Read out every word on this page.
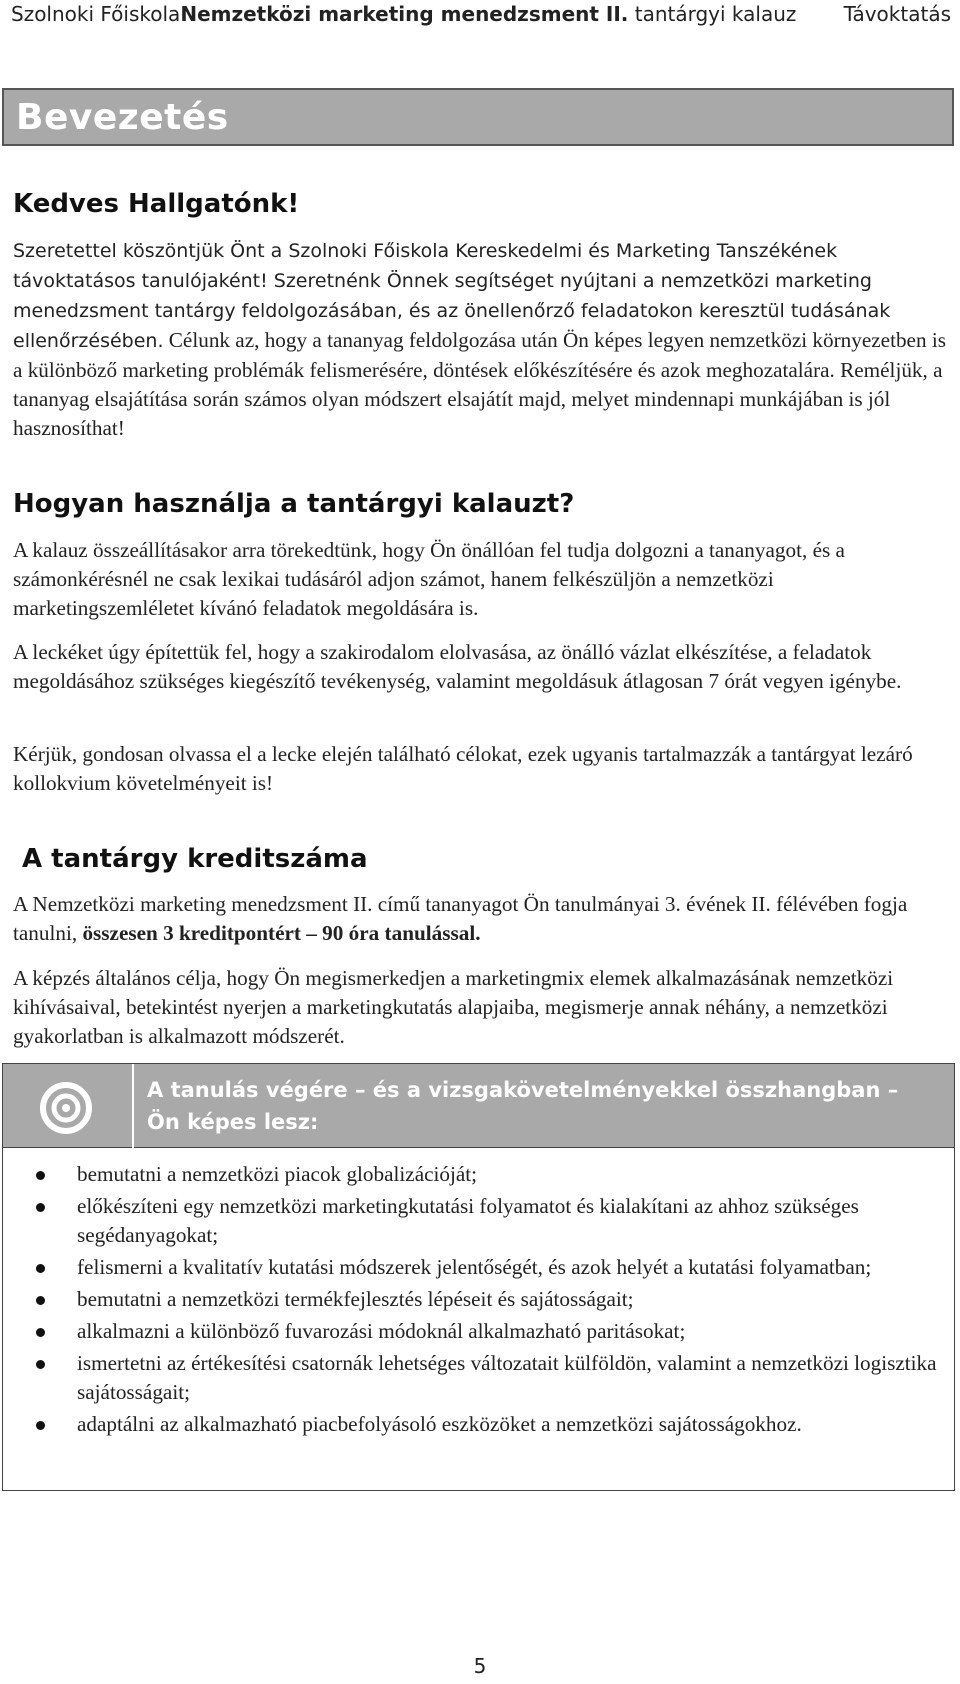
Szolnoki FőiskolaNemzetközi marketing menedzsment II. tantárgyi kalauz Távoktatás
Bevezetés
Kedves Hallgatónk!

Szeretettel köszöntjük Önt a Szolnoki Főiskola Kereskedelmi és Marketing Tanszékének távoktatásos tanulójaként! Szeretnénk Önnek segítséget nyújtani a nemzetközi marketing menedzsment tantárgy feldolgozásában, és az önellenőrző feladatokon keresztül tudásának ellenőrzésében. Célunk az, hogy a tananyag feldolgozása után Ön képes legyen nemzetközi környezetben is a különböző marketing problémák felismerésére, döntések előkészítésére és azok meghozatalára. Reméljük, a tananyag elsajátítása során számos olyan módszert elsajátít majd, melyet mindennapi munkájában is jól hasznosíthat!

Hogyan használja a tantárgyi kalauzt?

A kalauz összeállításakor arra törekedtünk, hogy Ön önállóan fel tudja dolgozni a tananyagot, és a számonkérésnél ne csak lexikai tudásáról adjon számot, hanem felkészüljön a nemzetközi marketingszemléletet kívánó feladatok megoldására is.

A leckéket úgy építettük fel, hogy a szakirodalom elolvasása, az önálló vázlat elkészítése, a feladatok megoldásához szükséges kiegészítő tevékenység, valamint megoldásuk átlagosan 7 órát vegyen igénybe.

Kérjük, gondosan olvassa el a lecke elején található célokat, ezek ugyanis tartalmazzák a tantárgyat lezáró kollokvium követelményeit is!

A tantárgy kreditszáma

A Nemzetközi marketing menedzsment II. című tananyagot Ön tanulmányai 3. évének II. félévében fogja tanulni, összesen 3 kreditpontért – 90 óra tanulással.

A képzés általános célja, hogy Ön megismerkedjen a marketingmix elemek alkalmazásának nemzetközi kihívásaival, betekintést nyerjen a marketingkutatás alapjaiba, megismerje annak néhány, a nemzetközi gyakorlatban is alkalmazott módszerét.

A tanulás végére – és a vizsgakövetelményekkel összhangban – Ön képes lesz:
bemutatni a nemzetközi piacok globalizációját;
előkészíteni egy nemzetközi marketingkutatási folyamatot és kialakítani az ahhoz szükséges segédanyagokat;
felismerni a kvalitatív kutatási módszerek jelentőségét, és azok helyét a kutatási folyamatban;
bemutatni a nemzetközi termékfejlesztés lépéseit és sajátosságait;
alkalmazni a különböző fuvarozási módoknál alkalmazható paritásokat;
ismertetni az értékesítési csatornák lehetséges változatait külföldön, valamint a nemzetközi logisztika sajátosságait;
adaptálni az alkalmazható piacbefolyásoló eszközöket a nemzetközi sajátosságokhoz.
5
